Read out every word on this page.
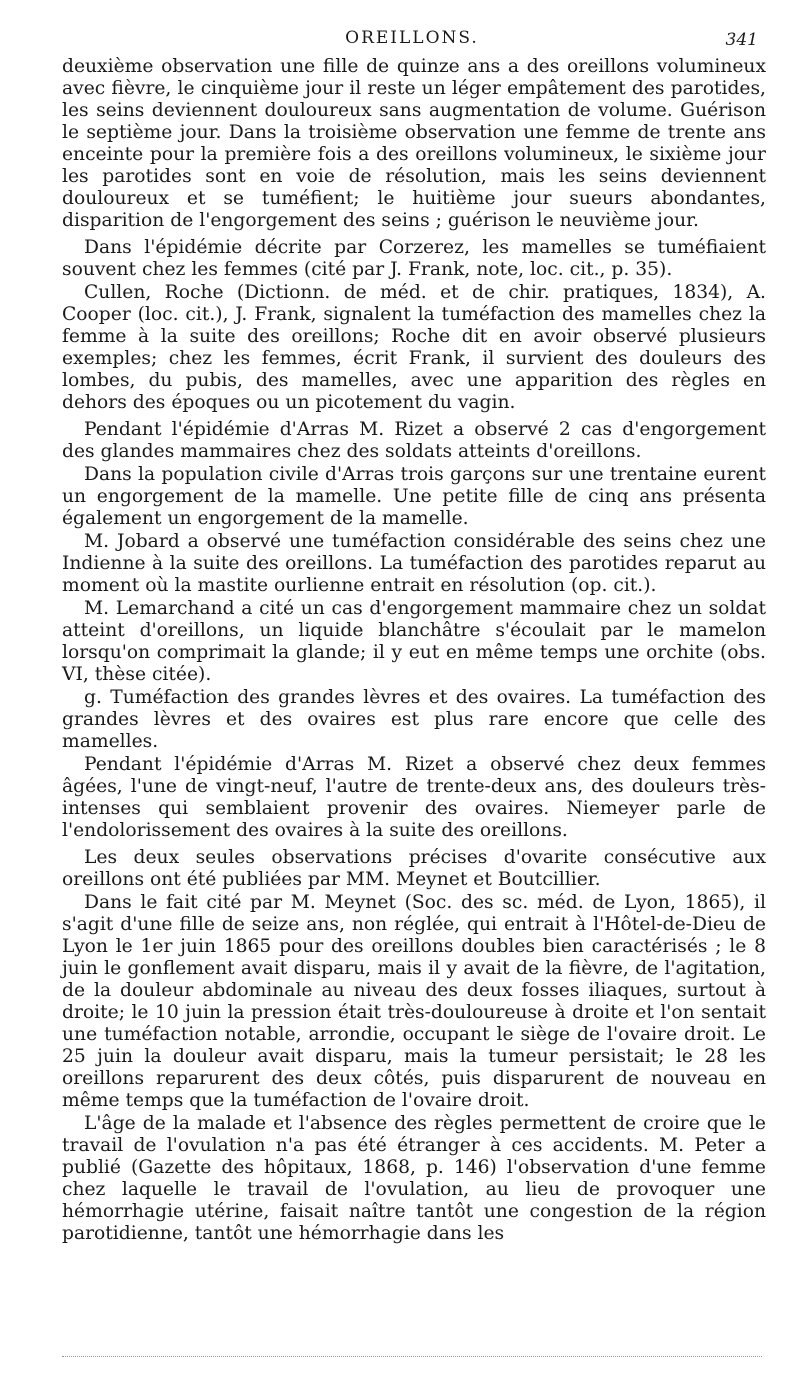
OREILLONS.	341

deuxième observation une fille de quinze ans a des oreillons volumineux avec fièvre, le cinquième jour il reste un léger empâtement des parotides, les seins deviennent douloureux sans augmentation de volume. Guérison le septième jour. Dans la troisième observation une femme de trente ans enceinte pour la première fois a des oreillons volumineux, le sixième jour les parotides sont en voie de résolution, mais les seins deviennent douloureux et se tuméfient; le huitième jour sueurs abondantes, disparition de l'engorgement des seins ; guérison le neuvième jour.

Dans l'épidémie décrite par Corzerez, les mamelles se tuméfiaient souvent chez les femmes (cité par J. Frank, note, loc. cit., p. 35).

Cullen, Roche (Dictionn. de méd. et de chir. pratiques, 1834), A. Cooper (loc. cit.), J. Frank, signalent la tuméfaction des mamelles chez la femme à la suite des oreillons; Roche dit en avoir observé plusieurs exemples; chez les femmes, écrit Frank, il survient des douleurs des lombes, du pubis, des mamelles, avec une apparition des règles en dehors des époques ou un picotement du vagin.

Pendant l'épidémie d'Arras M. Rizet a observé 2 cas d'engorgement des glandes mammaires chez des soldats atteints d'oreillons.

Dans la population civile d'Arras trois garçons sur une trentaine eurent un engorgement de la mamelle. Une petite fille de cinq ans présenta également un engorgement de la mamelle.

M. Jobard a observé une tuméfaction considérable des seins chez une Indienne à la suite des oreillons. La tuméfaction des parotides reparut au moment où la mastite ourlienne entrait en résolution (op. cit.).

M. Lemarchand a cité un cas d'engorgement mammaire chez un soldat atteint d'oreillons, un liquide blanchâtre s'écoulait par le mamelon lorsqu'on comprimait la glande; il y eut en même temps une orchite (obs. VI, thèse citée).

g. Tuméfaction des grandes lèvres et des ovaires. La tuméfaction des grandes lèvres et des ovaires est plus rare encore que celle des mamelles.

Pendant l'épidémie d'Arras M. Rizet a observé chez deux femmes âgées, l'une de vingt-neuf, l'autre de trente-deux ans, des douleurs très-intenses qui semblaient provenir des ovaires. Niemeyer parle de l'endolorissement des ovaires à la suite des oreillons.

Les deux seules observations précises d'ovarite consécutive aux oreillons ont été publiées par MM. Meynet et Boutcillier.

Dans le fait cité par M. Meynet (Soc. des sc. méd. de Lyon, 1865), il s'agit d'une fille de seize ans, non réglée, qui entrait à l'Hôtel-de-Dieu de Lyon le 1er juin 1865 pour des oreillons doubles bien caractérisés ; le 8 juin le gonflement avait disparu, mais il y avait de la fièvre, de l'agitation, de la douleur abdominale au niveau des deux fosses iliaques, surtout à droite; le 10 juin la pression était très-douloureuse à droite et l'on sentait une tuméfaction notable, arrondie, occupant le siège de l'ovaire droit. Le 25 juin la douleur avait disparu, mais la tumeur persistait; le 28 les oreillons reparurent des deux côtés, puis disparurent de nouveau en même temps que la tuméfaction de l'ovaire droit.

L'âge de la malade et l'absence des règles permettent de croire que le travail de l'ovulation n'a pas été étranger à ces accidents. M. Peter a publié (Gazette des hôpitaux, 1868, p. 146) l'observation d'une femme chez laquelle le travail de l'ovulation, au lieu de provoquer une hémorrhagie utérine, faisait naître tantôt une congestion de la région parotidienne, tantôt une hémorrhagie dans les
